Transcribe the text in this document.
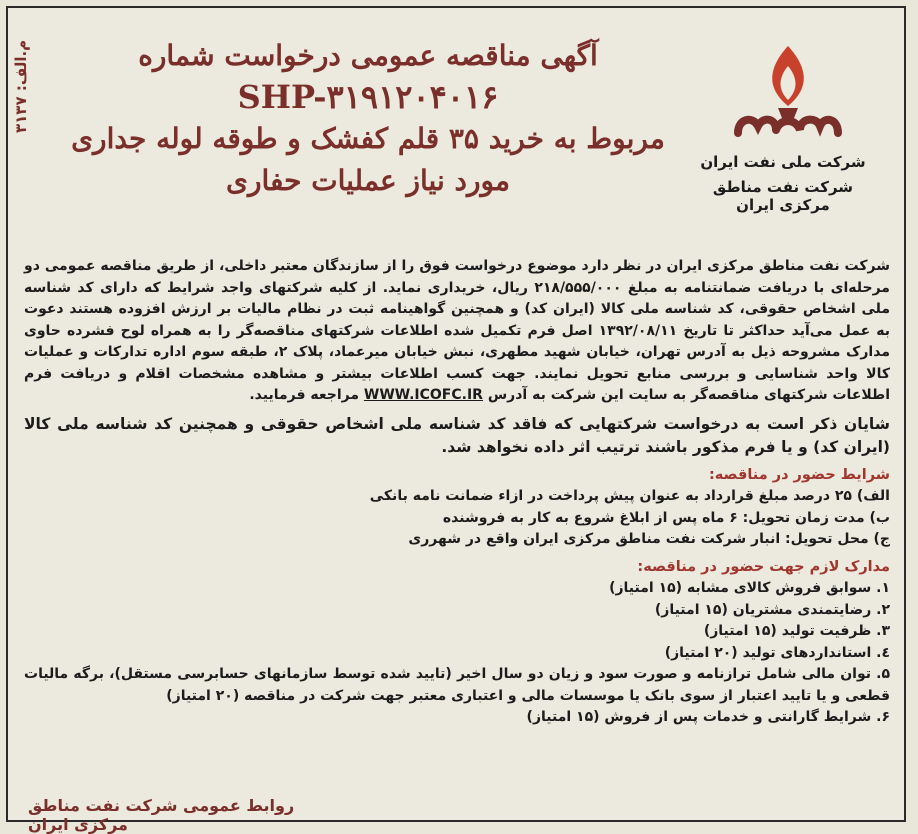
م.الف: ۳۱۳۷	آگهی مناقصه عمومی درخواست شماره
SHP-۳۱۹۱۲۰۴۰۱۶
مربوط به خرید ۳۵ قلم کفشک و طوقه لوله جداری
مورد نیاز عملیات حفاری
شرکت ملی نفت ایران
شرکت نفت مناطق مرکزی ایران
شرکت نفت مناطق مرکزی ایران در نظر دارد موضوع درخواست فوق را از سازندگان معتبر داخلی، از طریق مناقصه عمومی دو مرحله‌ای با دریافت ضمانتنامه به مبلغ ۲۱۸/۵۵۵/۰۰۰ ریال، خریداری نماید. از کلیه شرکتهای واجد شرایط که دارای کد شناسه ملی اشخاص حقوقی، کد شناسه ملی کالا (ایران کد) و همچنین گواهینامه ثبت در نظام مالیات بر ارزش افزوده هستند دعوت به عمل می‌آید حداکثر تا تاریخ ۱۳۹۲/۰۸/۱۱ اصل فرم تکمیل شده اطلاعات شرکتهای مناقصه‌گر را به همراه لوح فشرده حاوی مدارک مشروحه ذیل به آدرس تهران، خیابان شهید مطهری، نبش خیابان میرعماد، پلاک ۲، طبقه سوم اداره تدارکات و عملیات کالا واحد شناسایی و بررسی منابع تحویل نمایند. جهت کسب اطلاعات بیشتر و مشاهده مشخصات اقلام و دریافت فرم اطلاعات شرکتهای مناقصه‌گر به سایت این شرکت به آدرس WWW.ICOFC.IR مراجعه فرمایید.
شایان ذکر است به درخواست شرکتهایی که فاقد کد شناسه ملی اشخاص حقوقی و همچنین کد شناسه ملی کالا (ایران کد) و یا فرم مذکور باشند ترتیب اثر داده نخواهد شد.
شرایط حضور در مناقصه:
الف) ۲۵ درصد مبلغ قرارداد به عنوان پیش پرداخت در ازاء ضمانت نامه بانکی
ب) مدت زمان تحویل: ۶ ماه پس از ابلاغ شروع به کار به فروشنده
ج) محل تحویل: انبار شرکت نفت مناطق مرکزی ایران واقع در شهرری
مدارک لازم جهت حضور در مناقصه:
۱. سوابق فروش کالای مشابه (۱۵ امتیاز)
۲. رضایتمندی مشتریان (۱۵ امتیاز)
۳. ظرفیت تولید (۱۵ امتیاز)
٤. استانداردهای تولید (۲۰ امتیاز)
۵. توان مالی شامل ترازنامه و صورت سود و زیان دو سال اخیر (تایید شده توسط سازمانهای حسابرسی مستقل)، برگه مالیات قطعی و یا تایید اعتبار از سوی بانک یا موسسات مالی و اعتباری معتبر جهت شرکت در مناقصه (۲۰ امتیاز)
۶. شرایط گارانتی و خدمات پس از فروش (۱۵ امتیاز)
روابط عمومی شرکت نفت مناطق مرکزی ایران
